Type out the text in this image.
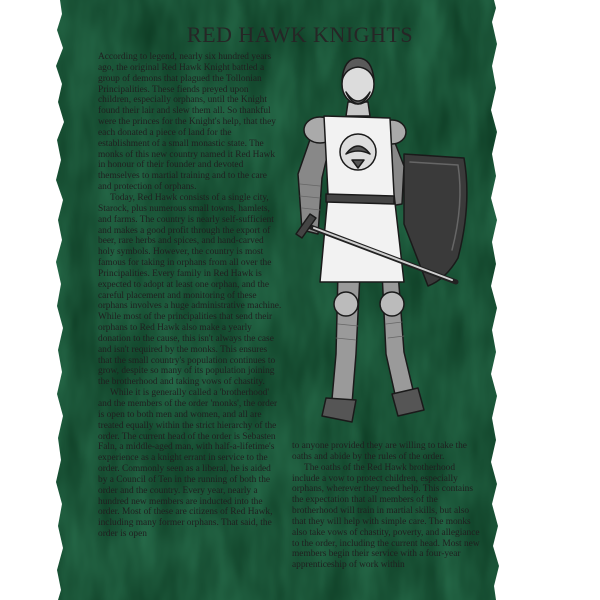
RED HAWK KNIGHTS

According to legend, nearly six hundred years ago, the original Red Hawk Knight battled a group of demons that plagued the Tollonian Principalities. These fiends preyed upon children, especially orphans, until the Knight found their lair and slew them all. So thankful were the princes for the Knight's help, that they each donated a piece of land for the establishment of a small monastic state. The monks of this new country named it Red Hawk in honour of their founder and devoted themselves to martial training and to the care and protection of orphans.

Today, Red Hawk consists of a single city, Starock, plus numerous small towns, hamlets, and farms. The country is nearly self-sufficient and makes a good profit through the export of beer, rare herbs and spices, and hand-carved holy symbols. However, the country is most famous for taking in orphans from all over the Principalities. Every family in Red Hawk is expected to adopt at least one orphan, and the careful placement and monitoring of these orphans involves a huge administrative machine. While most of the principalities that send their orphans to Red Hawk also make a yearly donation to the cause, this isn't always the case and isn't required by the monks. This ensures that the small country's population continues to grow, despite so many of its population joining the brotherhood and taking vows of chastity.

While it is generally called a 'brotherhood' and the members of the order 'monks', the order is open to both men and women, and all are treated equally within the strict hierarchy of the order. The current head of the order is Sebasten Faln, a middle-aged man, with half-a-lifetime's experience as a knight errant in service to the order. Commonly seen as a liberal, he is aided by a Council of Ten in the running of both the order and the country. Every year, nearly a hundred new members are inducted into the order. Most of these are citizens of Red Hawk, including many former orphans. That said, the order is open

to anyone provided they are willing to take the oaths and abide by the rules of the order.

The oaths of the Red Hawk brotherhood include a vow to protect children, especially orphans, wherever they need help. This contains the expectation that all members of the brotherhood will train in martial skills, but also that they will help with simple care. The monks also take vows of chastity, poverty, and allegiance to the order, including the current head. Most new members begin their service with a four-year apprenticeship of work within

17
